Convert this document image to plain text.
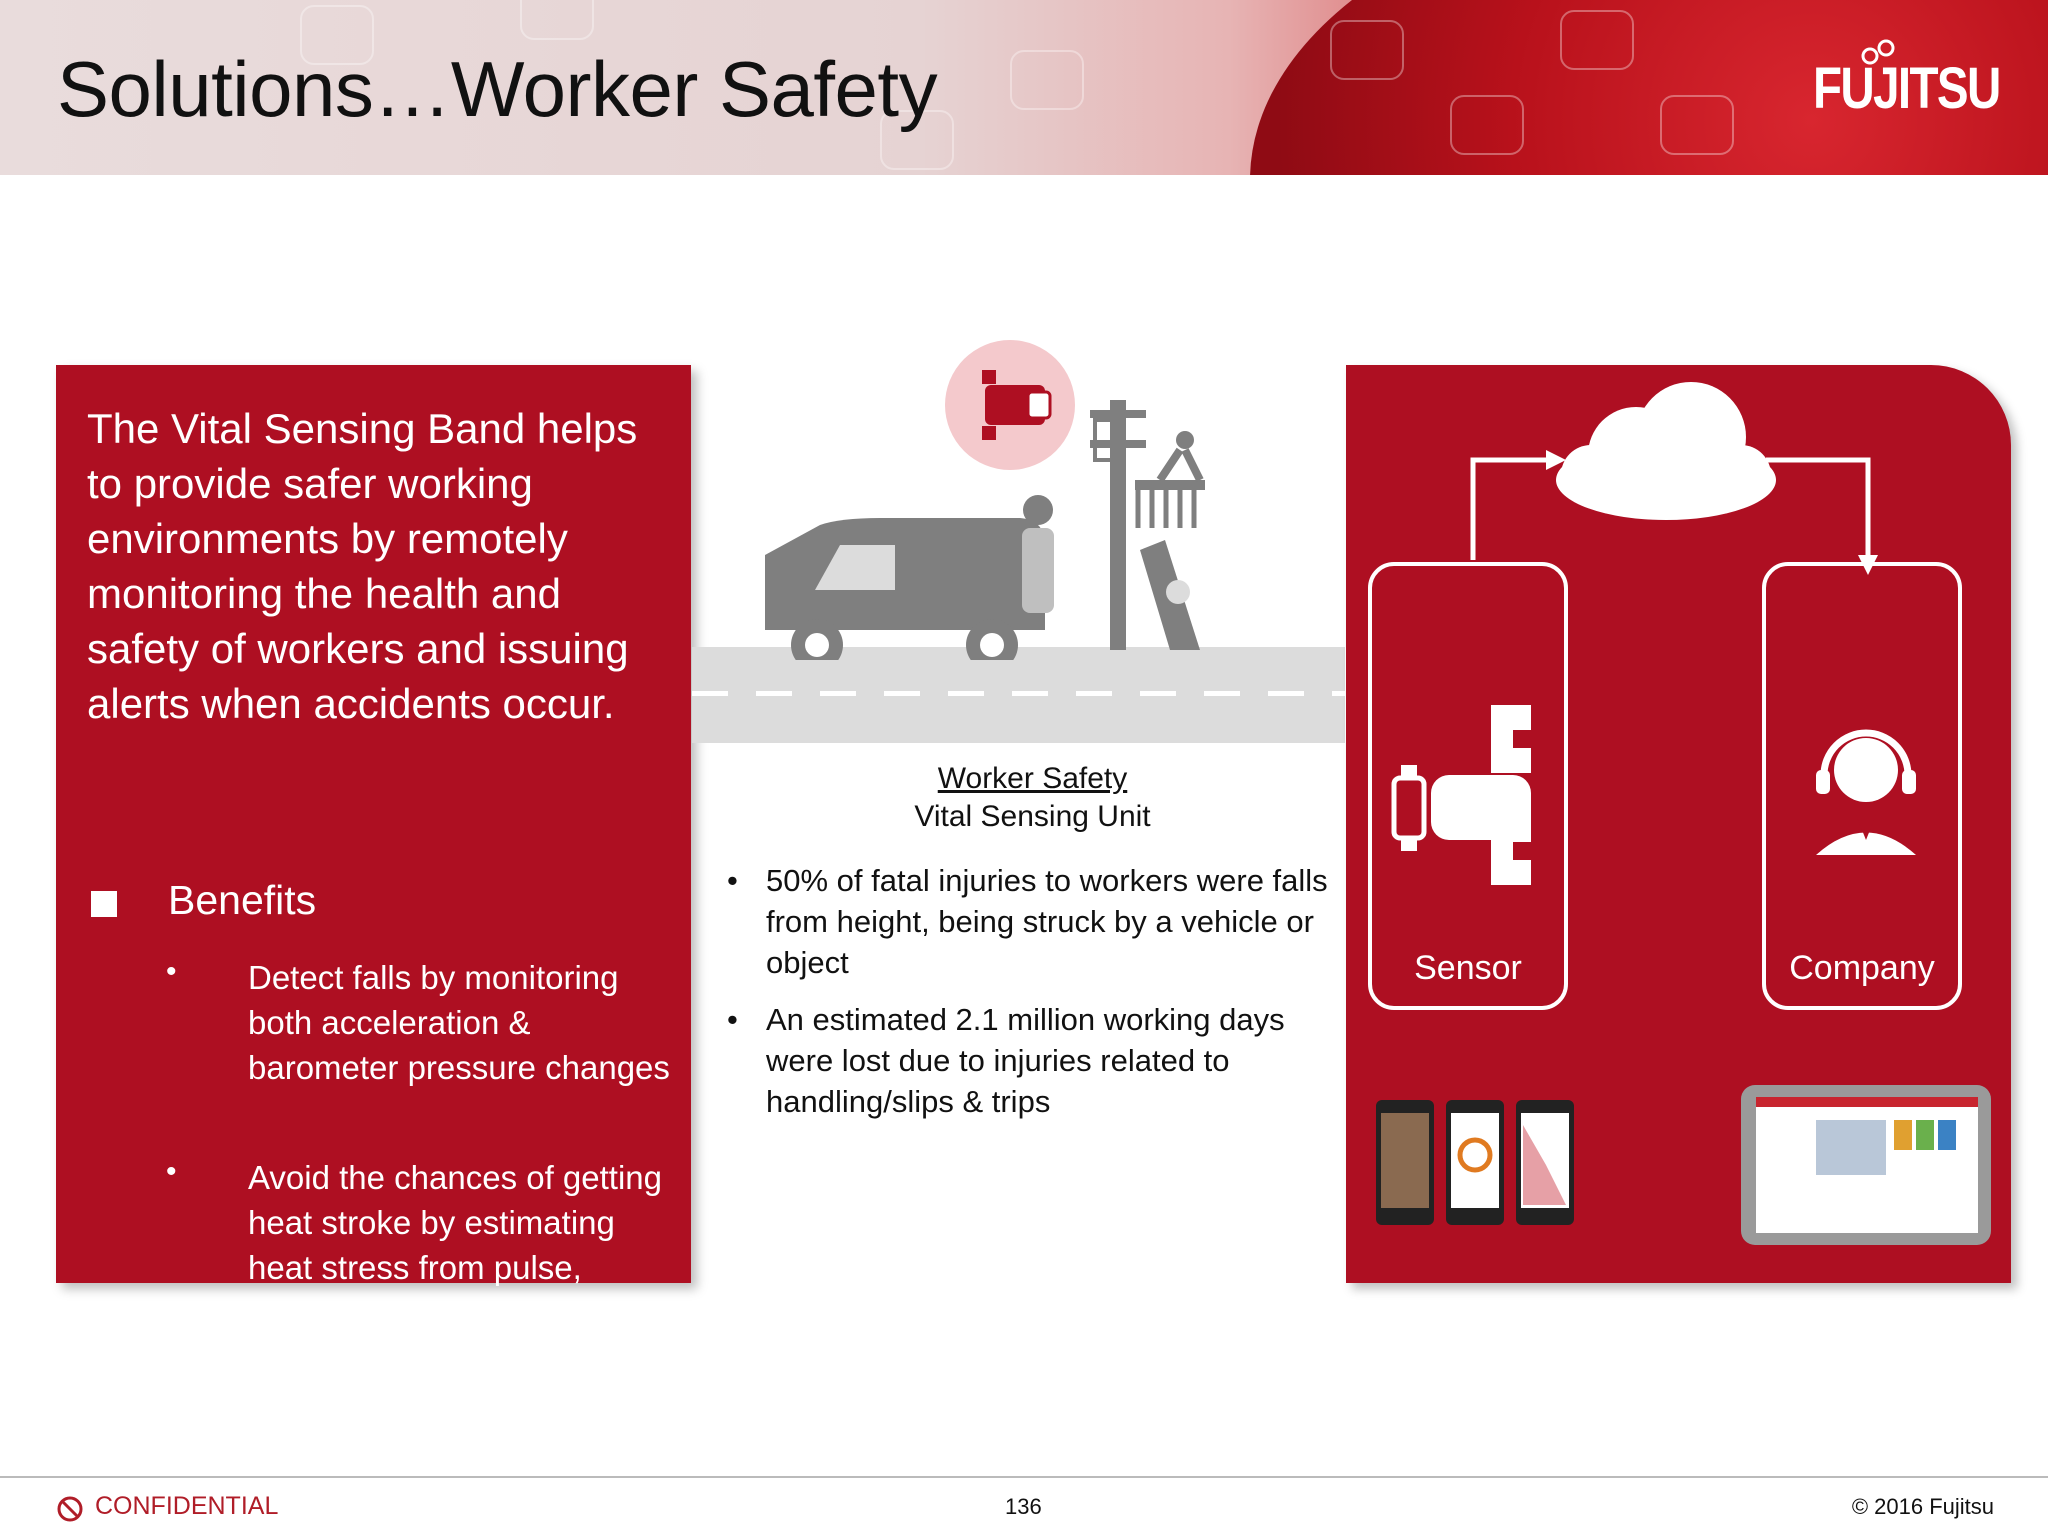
Solutions…Worker Safety	FUJITSU

The Vital Sensing Band helps to provide safer working environments by remotely monitoring the health and safety of workers and issuing alerts when accidents occur.

Benefits
• Detect falls by monitoring both acceleration & barometer pressure changes

• Avoid the chances of getting heat stroke by estimating heat stress from pulse,

Worker Safety

Vital Sensing Unit

• 50% of fatal injuries to workers were falls from height, being struck by a vehicle or object
• An estimated 2.1 million working days were lost due to injuries related to handling/slips & trips
Sensor	Company
CONFIDENTIAL	136	© 2016 Fujitsu
